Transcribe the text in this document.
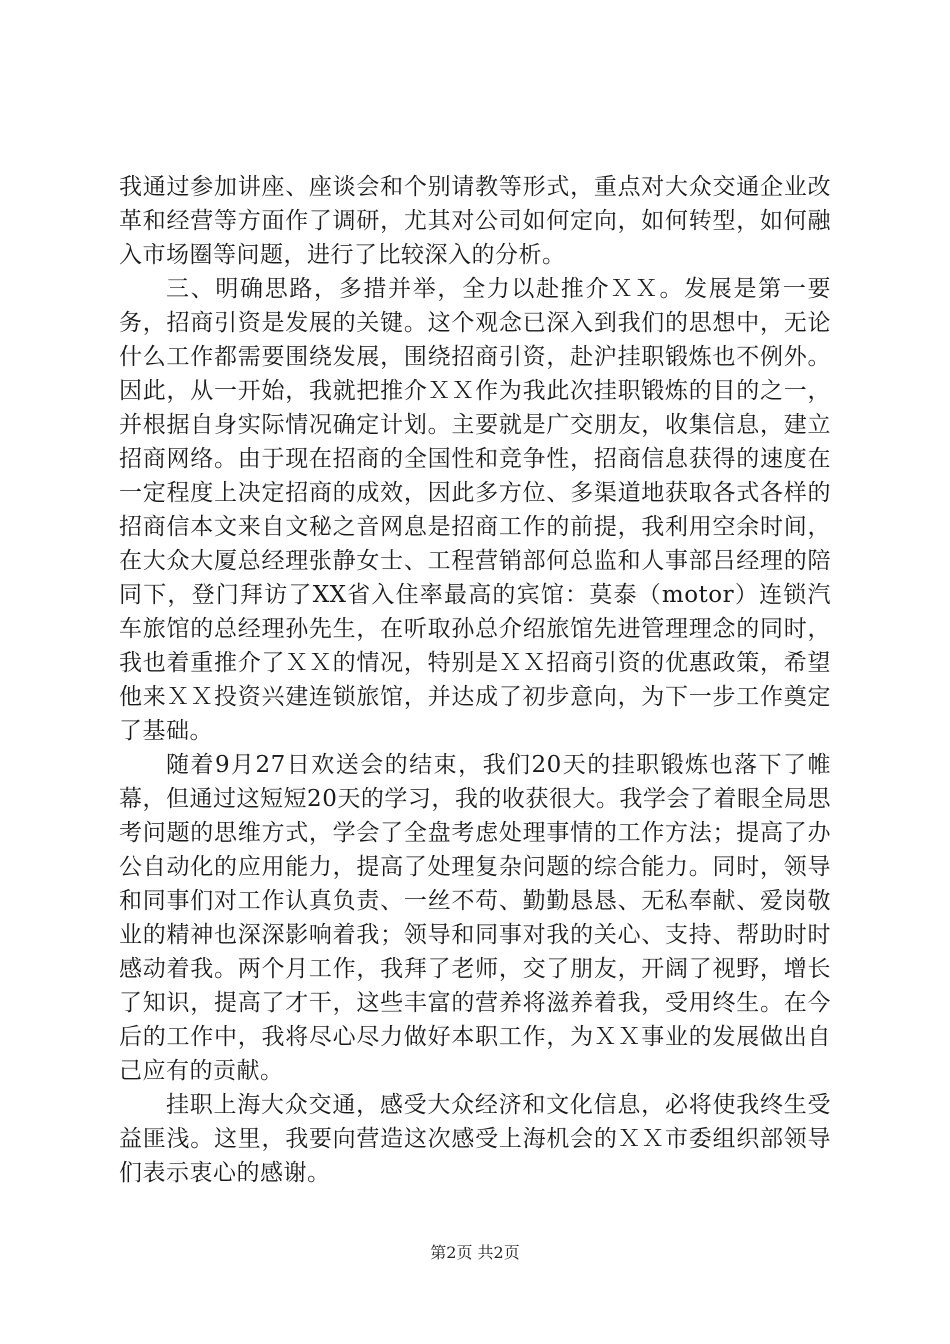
我通过参加讲座、座谈会和个别请教等形式，重点对大众交通企业改革和经营等方面作了调研，尤其对公司如何定向，如何转型，如何融入市场圈等问题，进行了比较深入的分析。

三、明确思路，多措并举，全力以赴推介ＸＸ。发展是第一要务，招商引资是发展的关键。这个观念已深入到我们的思想中，无论什么工作都需要围绕发展，围绕招商引资，赴沪挂职锻炼也不例外。因此，从一开始，我就把推介ＸＸ作为我此次挂职锻炼的目的之一，并根据自身实际情况确定计划。主要就是广交朋友，收集信息，建立招商网络。由于现在招商的全国性和竞争性，招商信息获得的速度在一定程度上决定招商的成效，因此多方位、多渠道地获取各式各样的招商信本文来自文秘之音网息是招商工作的前提，我利用空余时间，在大众大厦总经理张静女士、工程营销部何总监和人事部吕经理的陪同下，登门拜访了XX省入住率最高的宾馆：莫泰（motor）连锁汽车旅馆的总经理孙先生，在听取孙总介绍旅馆先进管理理念的同时，我也着重推介了ＸＸ的情况，特别是ＸＸ招商引资的优惠政策，希望他来ＸＸ投资兴建连锁旅馆，并达成了初步意向，为下一步工作奠定了基础。

随着9月27日欢送会的结束，我们20天的挂职锻炼也落下了帷幕，但通过这短短20天的学习，我的收获很大。我学会了着眼全局思考问题的思维方式，学会了全盘考虑处理事情的工作方法；提高了办公自动化的应用能力，提高了处理复杂问题的综合能力。同时，领导和同事们对工作认真负责、一丝不苟、勤勤恳恳、无私奉献、爱岗敬业的精神也深深影响着我；领导和同事对我的关心、支持、帮助时时感动着我。两个月工作，我拜了老师，交了朋友，开阔了视野，增长了知识，提高了才干，这些丰富的营养将滋养着我，受用终生。在今后的工作中，我将尽心尽力做好本职工作，为ＸＸ事业的发展做出自己应有的贡献。

挂职上海大众交通，感受大众经济和文化信息，必将使我终生受益匪浅。这里，我要向营造这次感受上海机会的ＸＸ市委组织部领导们表示衷心的感谢。

第2页 共2页
